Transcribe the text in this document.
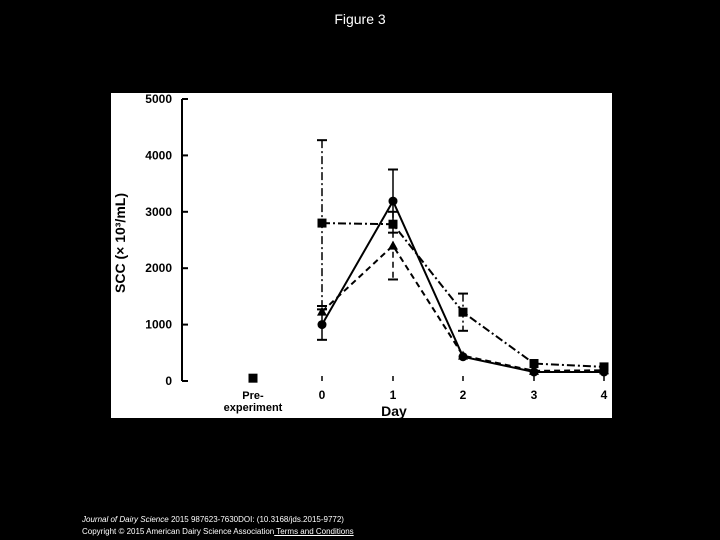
Figure 3
0
1000
2000
3000
4000
5000
Pre-experiment
0	1	2	3	4
SCC (× 10³/mL)
Day
Journal of Dairy Science 2015 987623-7630DOI: (10.3168/jds.2015-9772)
Copyright © 2015 American Dairy Science Association Terms and Conditions
